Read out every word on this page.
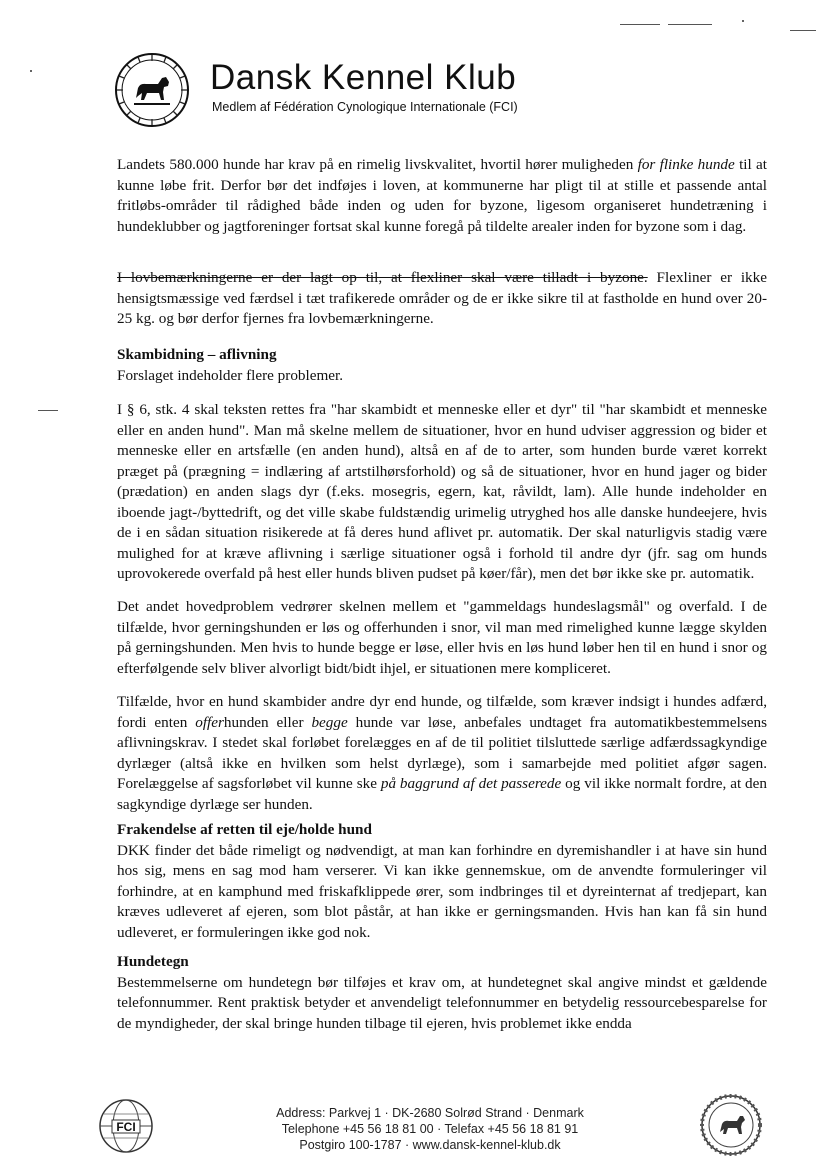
Dansk Kennel Klub
Medlem af Fédération Cynologique Internationale (FCI)

Landets 580.000 hunde har krav på en rimelig livskvalitet, hvortil hører muligheden for flinke hunde til at kunne løbe frit. Derfor bør det indføjes i loven, at kommunerne har pligt til at stille et passende antal fritløbs-områder til rådighed både inden og uden for byzone, ligesom organiseret hundetræning i hundeklubber og jagtforeninger fortsat skal kunne foregå på tildelte arealer inden for byzone som i dag.

I lovbemærkningerne er der lagt op til, at flexliner skal være tilladt i byzone. Flexliner er ikke hensigtsmæssige ved færdsel i tæt trafikerede områder og de er ikke sikre til at fastholde en hund over 20-25 kg. og bør derfor fjernes fra lovbemærkningerne.

Skambidning – aflivning
Forslaget indeholder flere problemer.

I § 6, stk. 4 skal teksten rettes fra "har skambidt et menneske eller et dyr" til "har skambidt et menneske eller en anden hund". Man må skelne mellem de situationer, hvor en hund udviser aggression og bider et menneske eller en artsfælle (en anden hund), altså en af de to arter, som hunden burde været korrekt præget på (prægning = indlæring af artstilhørsforhold) og så de situationer, hvor en hund jager og bider (prædation) en anden slags dyr (f.eks. mosegris, egern, kat, råvildt, lam). Alle hunde indeholder en iboende jagt-/byttedrift, og det ville skabe fuldstændig urimelig utryghed hos alle danske hundeejere, hvis de i en sådan situation risikerede at få deres hund aflivet pr. automatik. Der skal naturligvis stadig være mulighed for at kræve aflivning i særlige situationer også i forhold til andre dyr (jfr. sag om hunds uprovokerede overfald på hest eller hunds bliven pudset på køer/får), men det bør ikke ske pr. automatik.

Det andet hovedproblem vedrører skelnen mellem et "gammeldags hundeslagsmål" og overfald. I de tilfælde, hvor gerningshunden er løs og offerhunden i snor, vil man med rimelighed kunne lægge skylden på gerningshunden. Men hvis to hunde begge er løse, eller hvis en løs hund løber hen til en hund i snor og efterfølgende selv bliver alvorligt bidt/bidt ihjel, er situationen mere kompliceret.

Tilfælde, hvor en hund skambider andre dyr end hunde, og tilfælde, som kræver indsigt i hundes adfærd, fordi enten offerhunden eller begge hunde var løse, anbefales undtaget fra automatikbestemmelsens aflivningskrav. I stedet skal forløbet forelægges en af de til politiet tilsluttede særlige adfærdssagkyndige dyrlæger (altså ikke en hvilken som helst dyrlæge), som i samarbejde med politiet afgør sagen. Forelæggelse af sagsforløbet vil kunne ske på baggrund af det passerede og vil ikke normalt fordre, at den sagkyndige dyrlæge ser hunden.

Frakendelse af retten til eje/holde hund
DKK finder det både rimeligt og nødvendigt, at man kan forhindre en dyremishandler i at have sin hund hos sig, mens en sag mod ham verserer. Vi kan ikke gennemskue, om de anvendte formuleringer vil forhindre, at en kamphund med friskafklippede ører, som indbringes til et dyreinternat af tredjepart, kan kræves udleveret af ejeren, som blot påstår, at han ikke er gerningsmanden. Hvis han kan få sin hund udleveret, er formuleringen ikke god nok.

Hundetegn
Bestemmelserne om hundetegn bør tilføjes et krav om, at hundetegnet skal angive mindst et gældende telefonnummer. Rent praktisk betyder et anvendeligt telefonnummer en betydelig ressourcebesparelse for de myndigheder, der skal bringe hunden tilbage til ejeren, hvis problemet ikke endda

FCI
Address: Parkvej 1 · DK-2680 Solrød Strand · Denmark
Telephone +45 56 18 81 00 · Telefax +45 56 18 81 91
Postgiro 100-1787 · www.dansk-kennel-klub.dk
